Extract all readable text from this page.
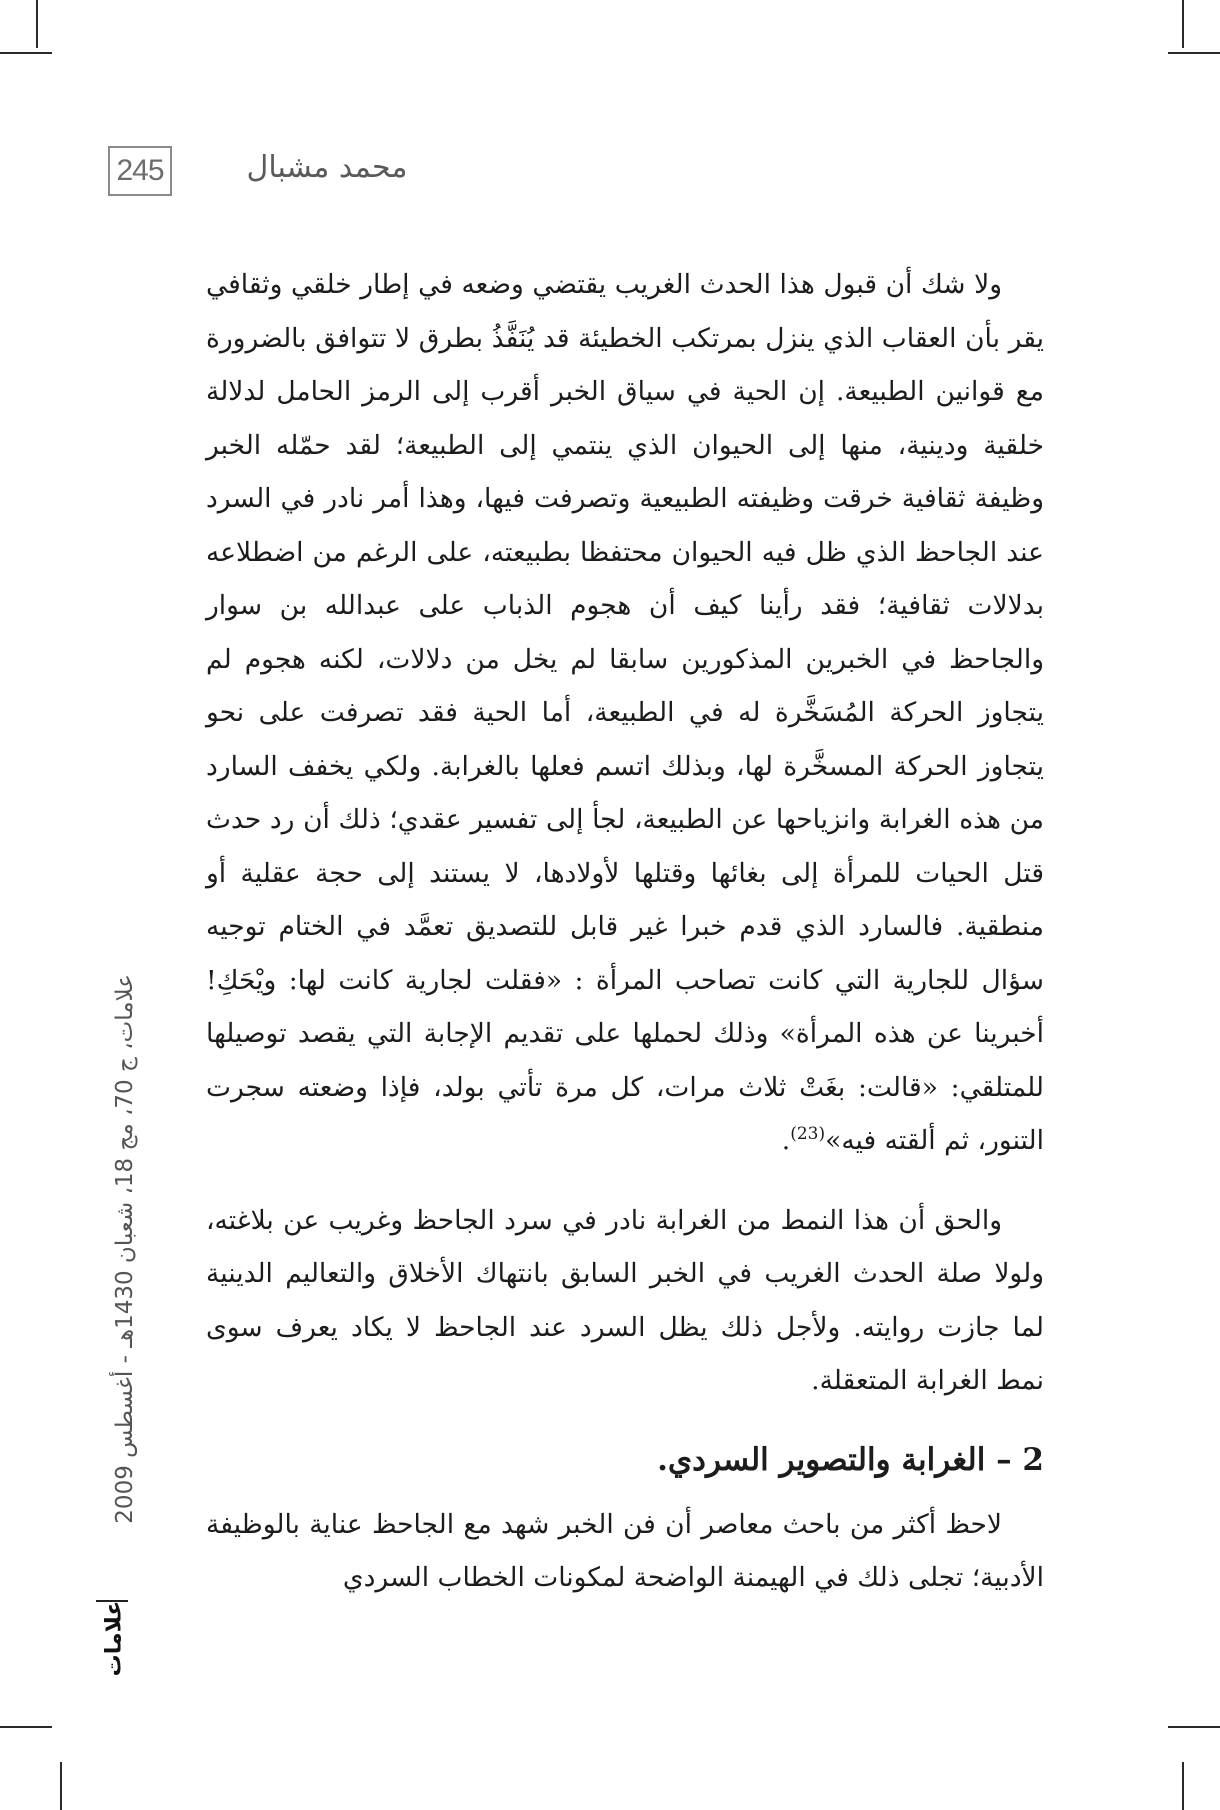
245	محمد مشبال

ولا شك أن قبول هذا الحدث الغريب يقتضي وضعه في إطار خلقي وثقافي يقر بأن العقاب الذي ينزل بمرتكب الخطيئة قد يُنَفَّذُ بطرق لا تتوافق بالضرورة مع قوانين الطبيعة. إن الحية في سياق الخبر أقرب إلى الرمز الحامل لدلالة خلقية ودينية، منها إلى الحيوان الذي ينتمي إلى الطبيعة؛ لقد حمّله الخبر وظيفة ثقافية خرقت وظيفته الطبيعية وتصرفت فيها، وهذا أمر نادر في السرد عند الجاحظ الذي ظل فيه الحيوان محتفظا بطبيعته، على الرغم من اضطلاعه بدلالات ثقافية؛ فقد رأينا كيف أن هجوم الذباب على عبدالله بن سوار والجاحظ في الخبرين المذكورين سابقا لم يخل من دلالات، لكنه هجوم لم يتجاوز الحركة المُسَخَّرة له في الطبيعة، أما الحية فقد تصرفت على نحو يتجاوز الحركة المسخَّرة لها، وبذلك اتسم فعلها بالغرابة. ولكي يخفف السارد من هذه الغرابة وانزياحها عن الطبيعة، لجأ إلى تفسير عقدي؛ ذلك أن رد حدث قتل الحيات للمرأة إلى بغائها وقتلها لأولادها، لا يستند إلى حجة عقلية أو منطقية. فالسارد الذي قدم خبرا غير قابل للتصديق تعمَّد في الختام توجيه سؤال للجارية التي كانت تصاحب المرأة : «فقلت لجارية كانت لها: ويْحَكِ! أخبرينا عن هذه المرأة» وذلك لحملها على تقديم الإجابة التي يقصد توصيلها للمتلقي: «قالت: بغَتْ ثلاث مرات، كل مرة تأتي بولد، فإذا وضعته سجرت التنور، ثم ألقته فيه»$^{(23)}$.

والحق أن هذا النمط من الغرابة نادر في سرد الجاحظ وغريب عن بلاغته، ولولا صلة الحدث الغريب في الخبر السابق بانتهاك الأخلاق والتعاليم الدينية لما جازت روايته. ولأجل ذلك يظل السرد عند الجاحظ لا يكاد يعرف سوى نمط الغرابة المتعقلة.

2 – الغرابة والتصوير السردي.

لاحظ أكثر من باحث معاصر أن فن الخبر شهد مع الجاحظ عناية بالوظيفة الأدبية؛ تجلى ذلك في الهيمنة الواضحة لمكونات الخطاب السردي

علامات، ج 70، مج 18، شعبان 1430هـ - أغسطس 2009
علامات
